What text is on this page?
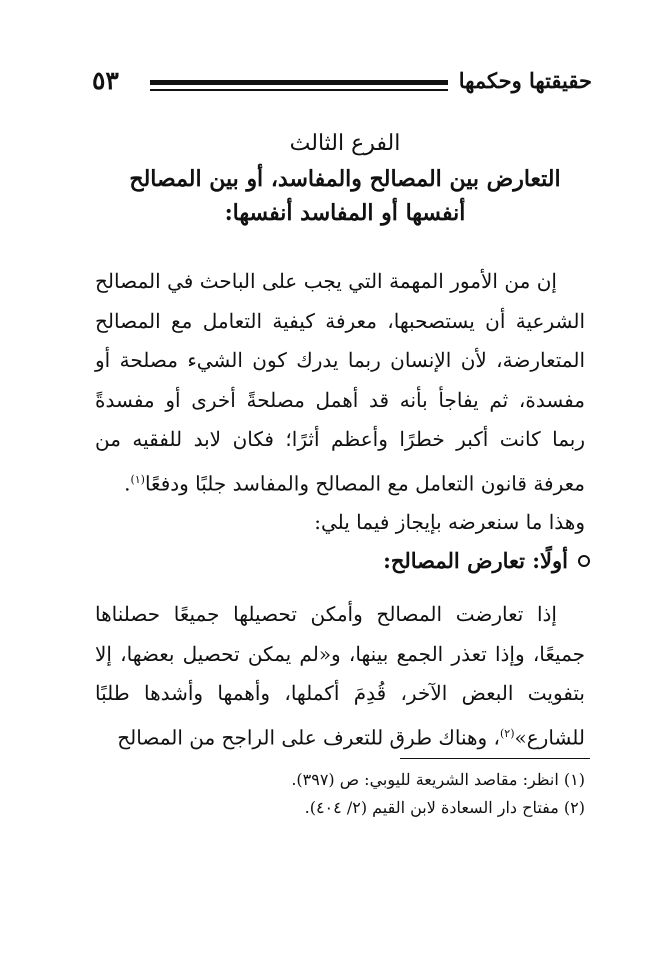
حقيقتها وحكمها
٥٣
الفرع الثالث
التعارض بين المصالح والمفاسد، أو بين المصالح
أنفسها أو المفاسد أنفسها:

إن من الأمور المهمة التي يجب على الباحث في المصالح الشرعية أن يستصحبها، معرفة كيفية التعامل مع المصالح المتعارضة، لأن الإنسان ربما يدرك كون الشيء مصلحة أو مفسدة، ثم يفاجأ بأنه قد أهمل مصلحةً أخرى أو مفسدةً ربما كانت أكبر خطرًا وأعظم أثرًا؛ فكان لابد للفقيه من معرفة قانون التعامل مع المصالح والمفاسد جلبًا ودفعًا$^{(١)}$.

وهذا ما سنعرضه بإيجاز فيما يلي:

أولًا: تعارض المصالح:

إذا تعارضت المصالح وأمكن تحصيلها جميعًا حصلناها جميعًا، وإذا تعذر الجمع بينها، و«لم يمكن تحصيل بعضها، إلا بتفويت البعض الآخر، قُدِمَ أكملها، وأهمها وأشدها طلبًا للشارع»$^{(٢)}$، وهناك طرق للتعرف على الراجح من المصالح

(١) انظر: مقاصد الشريعة لليوبي: ص (٣٩٧).
(٢) مفتاح دار السعادة لابن القيم (٢/ ٤٠٤).
